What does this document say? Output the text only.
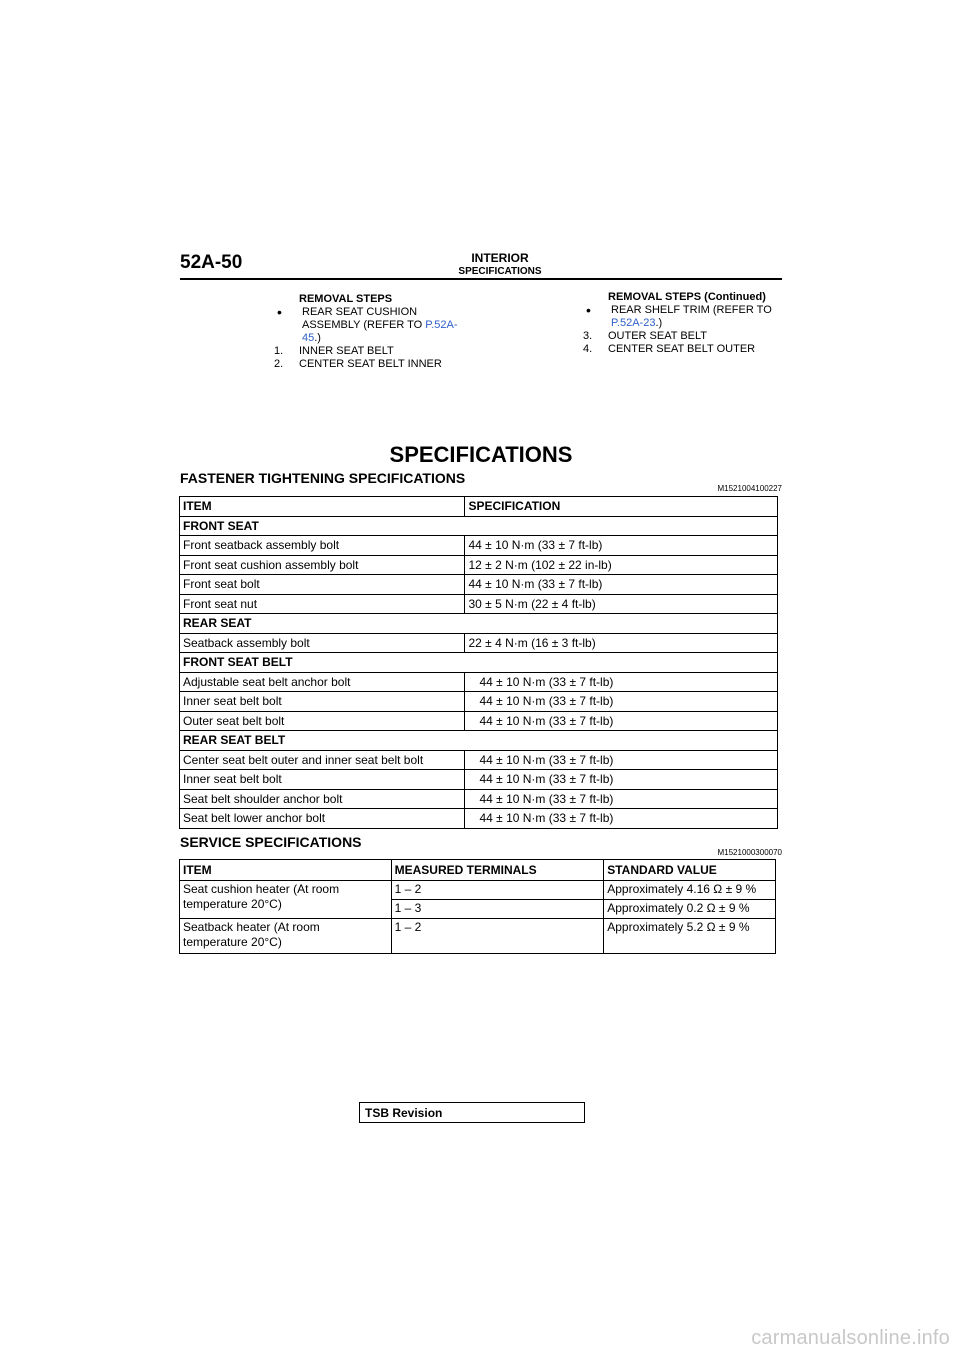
52A-50	INTERIOR
SPECIFICATIONS
REMOVAL STEPS
•	REAR SEAT CUSHION ASSEMBLY (REFER TO P.52A-45.)
1.	INNER SEAT BELT
2.	CENTER SEAT BELT INNER
REMOVAL STEPS (Continued)
•	REAR SHELF TRIM (REFER TO P.52A-23.)
3.	OUTER SEAT BELT
4.	CENTER SEAT BELT OUTER
SPECIFICATIONS
FASTENER TIGHTENING SPECIFICATIONS
M1521004100227
ITEM	SPECIFICATION
FRONT SEAT	
Front seatback assembly bolt	44 ± 10 N·m (33 ± 7 ft-lb)
Front seat cushion assembly bolt	12 ± 2 N·m (102 ± 22 in-lb)
Front seat bolt	44 ± 10 N·m (33 ± 7 ft-lb)
Front seat nut	30 ± 5 N·m (22 ± 4 ft-lb)
REAR SEAT	
Seatback assembly bolt	22 ± 4 N·m (16 ± 3 ft-lb)
FRONT SEAT BELT	
Adjustable seat belt anchor bolt	44 ± 10 N·m (33 ± 7 ft-lb)
Inner seat belt bolt	44 ± 10 N·m (33 ± 7 ft-lb)
Outer seat belt bolt	44 ± 10 N·m (33 ± 7 ft-lb)
REAR SEAT BELT	
Center seat belt outer and inner seat belt bolt	44 ± 10 N·m (33 ± 7 ft-lb)
Inner seat belt bolt	44 ± 10 N·m (33 ± 7 ft-lb)
Seat belt shoulder anchor bolt	44 ± 10 N·m (33 ± 7 ft-lb)
Seat belt lower anchor bolt	44 ± 10 N·m (33 ± 7 ft-lb)
SERVICE SPECIFICATIONS
M1521000300070
ITEM	MEASURED TERMINALS	STANDARD VALUE
Seat cushion heater (At room temperature 20°C)	1 – 2	Approximately 4.16 Ω ± 9 %
	1 – 3	Approximately 0.2 Ω ± 9 %
Seatback heater (At room temperature 20°C)	1 – 2	Approximately 5.2 Ω ± 9 %
TSB Revision
carmanualsonline.info
